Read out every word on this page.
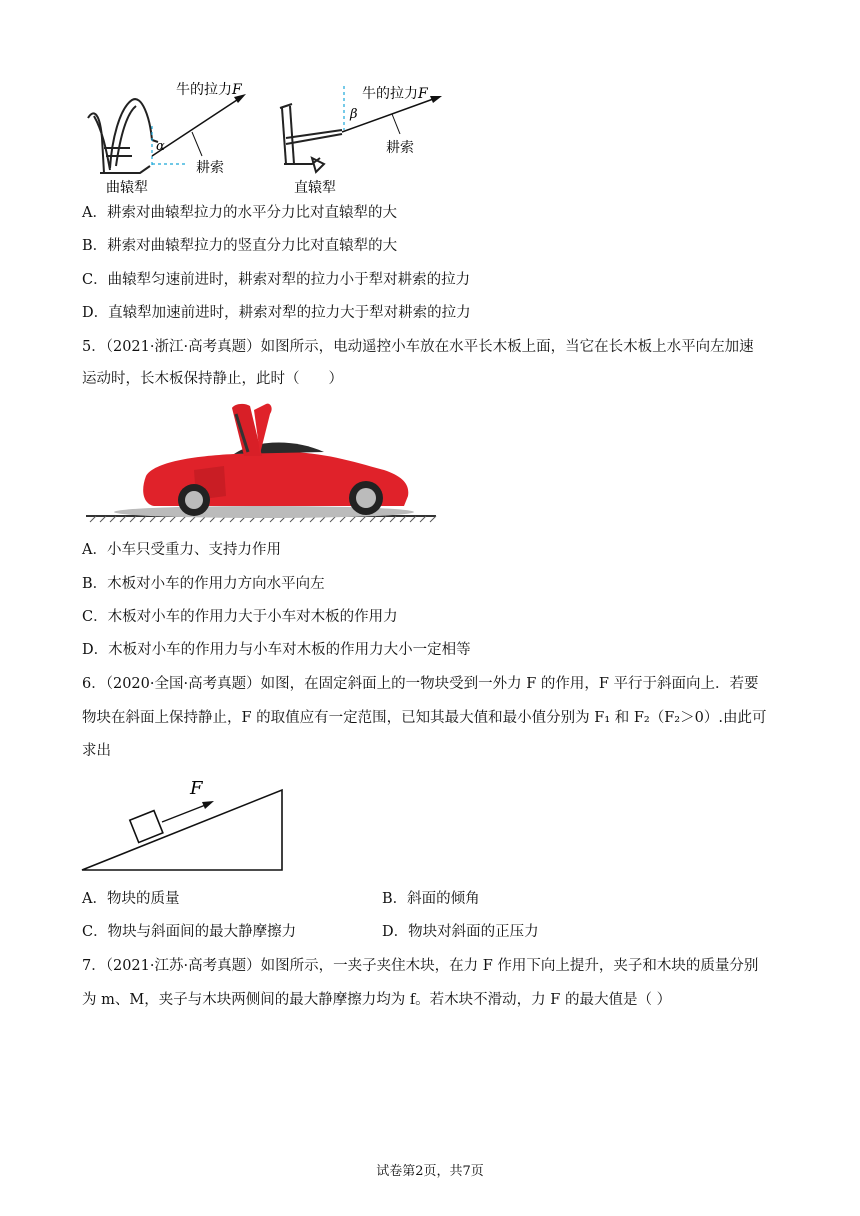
α
牛的拉力F
耕索
曲辕犁
β
牛的拉力F
耕索
直辕犁
A．耕索对曲辕犁拉力的水平分力比对直辕犁的大
B．耕索对曲辕犁拉力的竖直分力比对直辕犁的大
C．曲辕犁匀速前进时，耕索对犁的拉力小于犁对耕索的拉力
D．直辕犁加速前进时，耕索对犁的拉力大于犁对耕索的拉力
5．（2021·浙江·高考真题）如图所示，电动遥控小车放在水平长木板上面，当它在长木板上水平向左加速
运动时，长木板保持静止，此时（　　）
A．小车只受重力、支持力作用
B．木板对小车的作用力方向水平向左
C．木板对小车的作用力大于小车对木板的作用力
D．木板对小车的作用力与小车对木板的作用力大小一定相等
6．（2020·全国·高考真题）如图，在固定斜面上的一物块受到一外力 F 的作用，F 平行于斜面向上．若要
物块在斜面上保持静止，F 的取值应有一定范围，已知其最大值和最小值分别为 F₁ 和 F₂（F₂＞0）.由此可
求出
F
A．物块的质量	B．斜面的倾角
C．物块与斜面间的最大静摩擦力	D．物块对斜面的正压力
7．（2021·江苏·高考真题）如图所示，一夹子夹住木块，在力 F 作用下向上提升，夹子和木块的质量分别
为 m、M，夹子与木块两侧间的最大静摩擦力均为 f。若木块不滑动，力 F 的最大值是（ ）
试卷第2页，共7页
